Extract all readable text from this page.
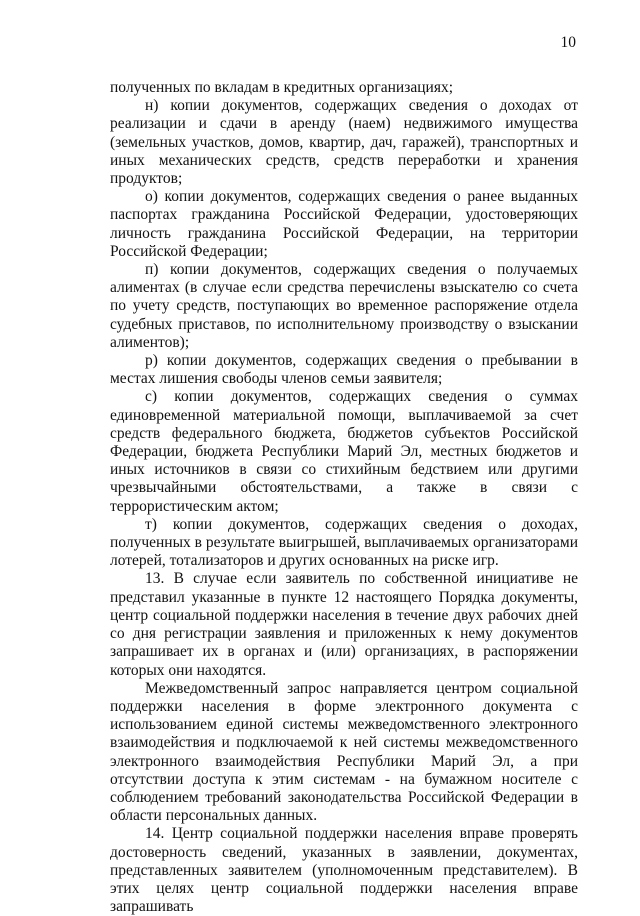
10

полученных по вкладам в кредитных организациях;

н) копии документов, содержащих сведения о доходах от реализации и сдачи в аренду (наем) недвижимого имущества (земельных участков, домов, квартир, дач, гаражей), транспортных и иных механических средств, средств переработки и хранения продуктов;

о) копии документов, содержащих сведения о ранее выданных паспортах гражданина Российской Федерации, удостоверяющих личность гражданина Российской Федерации, на территории Российской Федерации;

п) копии документов, содержащих сведения о получаемых алиментах (в случае если средства перечислены взыскателю со счета по учету средств, поступающих во временное распоряжение отдела судебных приставов, по исполнительному производству о взыскании алиментов);

р) копии документов, содержащих сведения о пребывании в местах лишения свободы членов семьи заявителя;

с) копии документов, содержащих сведения о суммах единовременной материальной помощи, выплачиваемой за счет средств федерального бюджета, бюджетов субъектов Российской Федерации, бюджета Республики Марий Эл, местных бюджетов и иных источников в связи со стихийным бедствием или другими чрезвычайными обстоятельствами, а также в связи с террористическим актом;

т) копии документов, содержащих сведения о доходах, полученных в результате выигрышей, выплачиваемых организаторами лотерей, тотализаторов и других основанных на риске игр.

13. В случае если заявитель по собственной инициативе не представил указанные в пункте 12 настоящего Порядка документы, центр социальной поддержки населения в течение двух рабочих дней со дня регистрации заявления и приложенных к нему документов запрашивает их в органах и (или) организациях, в распоряжении которых они находятся.

Межведомственный запрос направляется центром социальной поддержки населения в форме электронного документа с использованием единой системы межведомственного электронного взаимодействия и подключаемой к ней системы межведомственного электронного взаимодействия Республики Марий Эл, а при отсутствии доступа к этим системам - на бумажном носителе с соблюдением требований законодательства Российской Федерации в области персональных данных.

14. Центр социальной поддержки населения вправе проверять достоверность сведений, указанных в заявлении, документах, представленных заявителем (уполномоченным представителем). В этих целях центр социальной поддержки населения вправе запрашивать
